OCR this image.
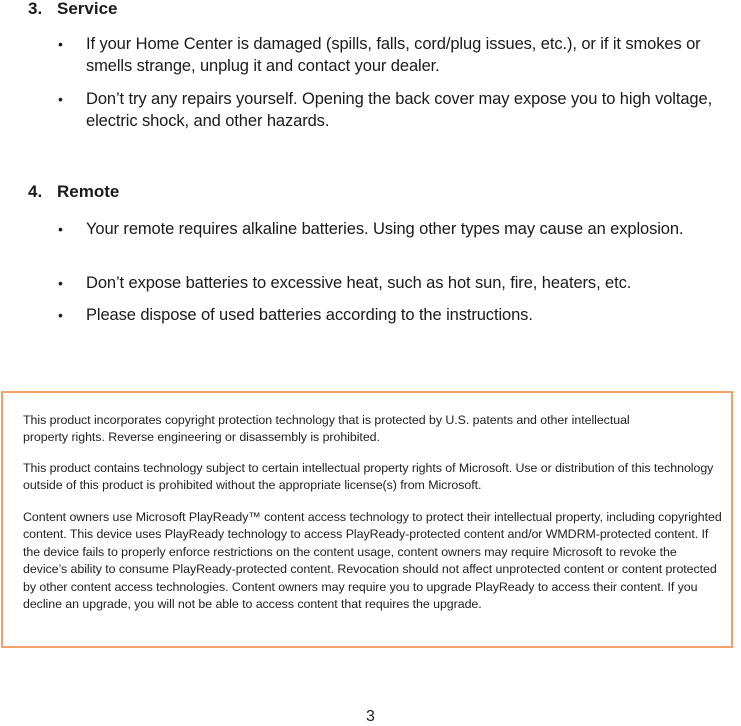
3. Service
• If your Home Center is damaged (spills, falls, cord/plug issues, etc.), or if it smokes or smells strange, unplug it and contact your dealer.
• Don’t try any repairs yourself. Opening the back cover may expose you to high voltage, electric shock, and other hazards.
4. Remote
• Your remote requires alkaline batteries. Using other types may cause an explosion.
• Don’t expose batteries to excessive heat, such as hot sun, fire, heaters, etc.
• Please dispose of used batteries according to the instructions.

This product incorporates copyright protection technology that is protected by U.S. patents and other intellectual property rights. Reverse engineering or disassembly is prohibited.

This product contains technology subject to certain intellectual property rights of Microsoft. Use or distribution of this technology outside of this product is prohibited without the appropriate license(s) from Microsoft.

Content owners use Microsoft PlayReady™ content access technology to protect their intellectual property, including copyrighted content. This device uses PlayReady technology to access PlayReady-protected content and/or WMDRM-protected content. If the device fails to properly enforce restrictions on the content usage, content owners may require Microsoft to revoke the device’s ability to consume PlayReady-protected content. Revocation should not affect unprotected content or content protected by other content access technologies. Content owners may require you to upgrade PlayReady to access their content. If you decline an upgrade, you will not be able to access content that requires the upgrade.

3
